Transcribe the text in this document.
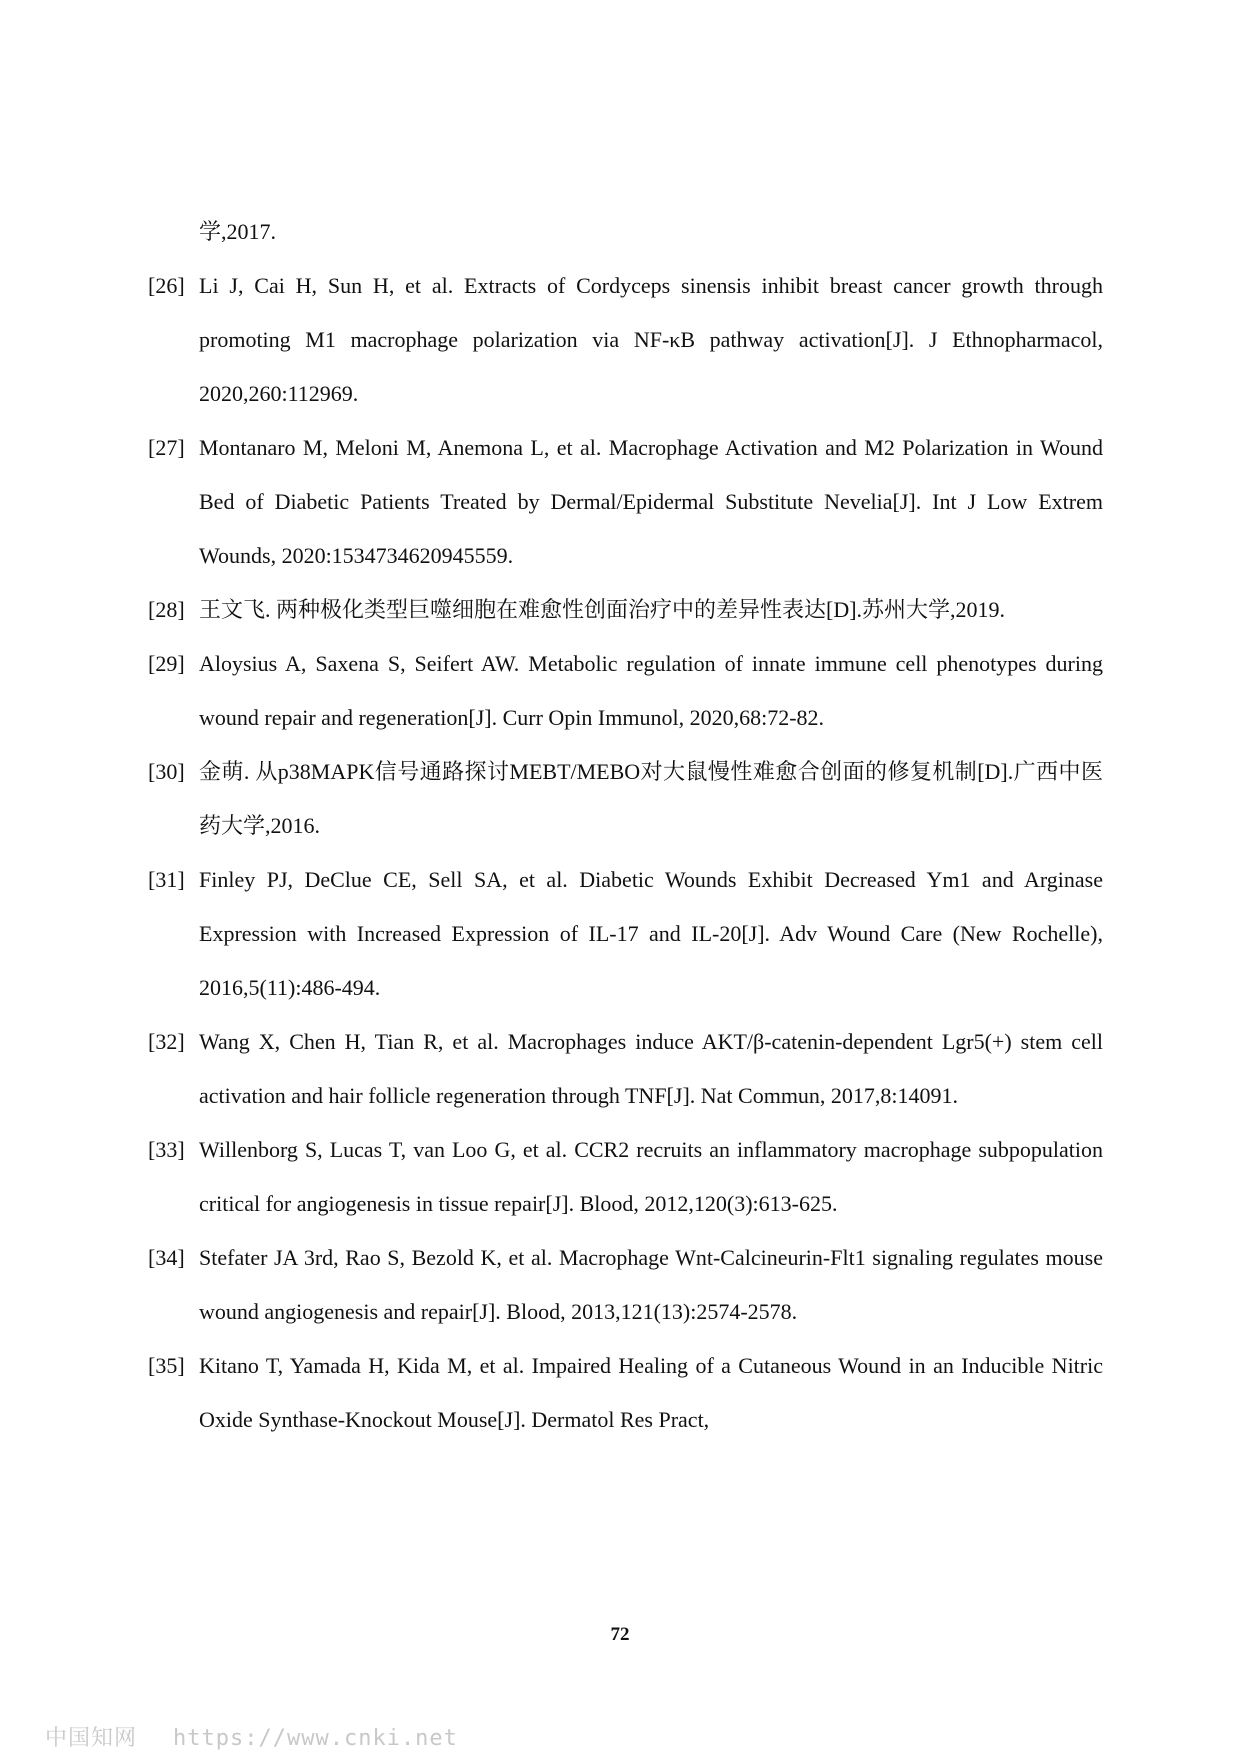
学,2017.

[26] Li J, Cai H, Sun H, et al. Extracts of Cordyceps sinensis inhibit breast cancer growth through promoting M1 macrophage polarization via NF-κB pathway activation[J]. J Ethnopharmacol, 2020,260:112969.

[27] Montanaro M, Meloni M, Anemona L, et al. Macrophage Activation and M2 Polarization in Wound Bed of Diabetic Patients Treated by Dermal/Epidermal Substitute Nevelia[J]. Int J Low Extrem Wounds, 2020:1534734620945559.

[28] 王文飞. 两种极化类型巨噬细胞在难愈性创面治疗中的差异性表达[D].苏州大学,2019.

[29] Aloysius A, Saxena S, Seifert AW. Metabolic regulation of innate immune cell phenotypes during wound repair and regeneration[J]. Curr Opin Immunol, 2020,68:72-82.

[30] 金萌. 从p38MAPK信号通路探讨MEBT/MEBO对大鼠慢性难愈合创面的修复机制[D].广西中医药大学,2016.

[31] Finley PJ, DeClue CE, Sell SA, et al. Diabetic Wounds Exhibit Decreased Ym1 and Arginase Expression with Increased Expression of IL-17 and IL-20[J]. Adv Wound Care (New Rochelle), 2016,5(11):486-494.

[32] Wang X, Chen H, Tian R, et al. Macrophages induce AKT/β-catenin-dependent Lgr5(+) stem cell activation and hair follicle regeneration through TNF[J]. Nat Commun, 2017,8:14091.

[33] Willenborg S, Lucas T, van Loo G, et al. CCR2 recruits an inflammatory macrophage subpopulation critical for angiogenesis in tissue repair[J]. Blood, 2012,120(3):613-625.

[34] Stefater JA 3rd, Rao S, Bezold K, et al. Macrophage Wnt-Calcineurin-Flt1 signaling regulates mouse wound angiogenesis and repair[J]. Blood, 2013,121(13):2574-2578.

[35] Kitano T, Yamada H, Kida M, et al. Impaired Healing of a Cutaneous Wound in an Inducible Nitric Oxide Synthase-Knockout Mouse[J]. Dermatol Res Pract,

72
中国知网 https://www.cnki.net
